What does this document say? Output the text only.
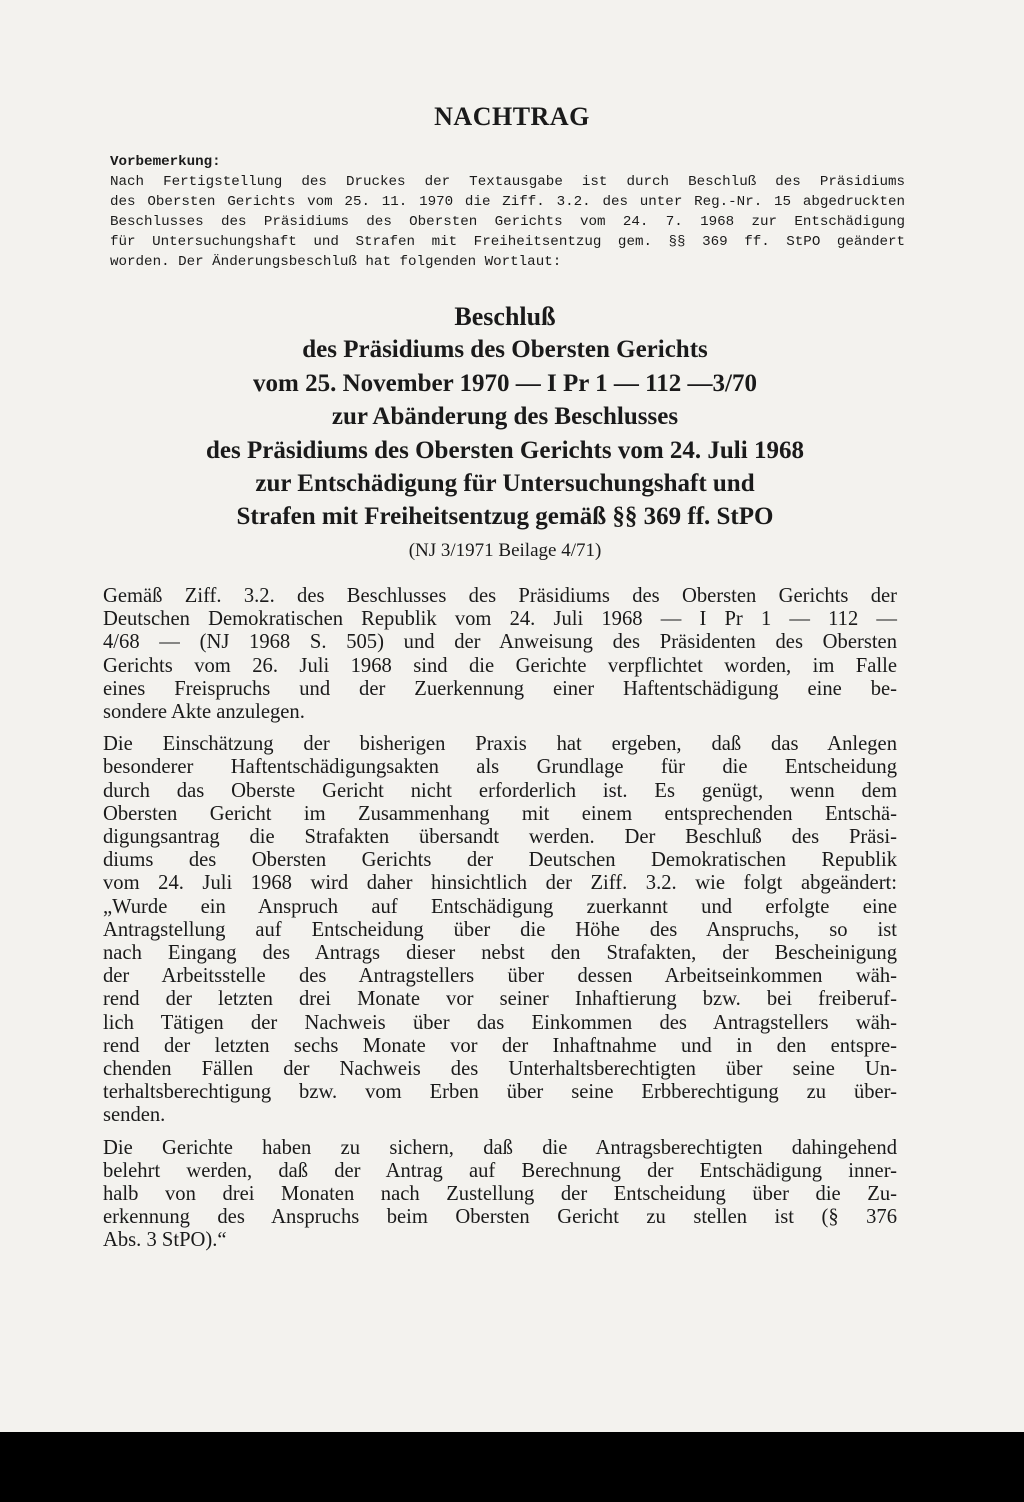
NACHTRAG
Vorbemerkung:
Nach Fertigstellung des Druckes der Textausgabe ist durch Beschluß des Präsidiums
des Obersten Gerichts vom 25. 11. 1970 die Ziff. 3.2. des unter Reg.-Nr. 15 abgedruckten
Beschlusses des Präsidiums des Obersten Gerichts vom 24. 7. 1968 zur Entschädigung
für Untersuchungshaft und Strafen mit Freiheitsentzug gem. §§ 369 ff. StPO geändert
worden. Der Änderungsbeschluß hat folgenden Wortlaut:
Beschluß
des Präsidiums des Obersten Gerichts
vom 25. November 1970 — I Pr 1 — 112 —3/70
zur Abänderung des Beschlusses
des Präsidiums des Obersten Gerichts vom 24. Juli 1968
zur Entschädigung für Untersuchungshaft und
Strafen mit Freiheitsentzug gemäß §§ 369 ff. StPO
(NJ 3/1971 Beilage 4/71)
Gemäß Ziff. 3.2. des Beschlusses des Präsidiums des Obersten Gerichts der
Deutschen Demokratischen Republik vom 24. Juli 1968 — I Pr 1 — 112 —
4/68 — (NJ 1968 S. 505) und der Anweisung des Präsidenten des Obersten
Gerichts vom 26. Juli 1968 sind die Gerichte verpflichtet worden, im Falle
eines Freispruchs und der Zuerkennung einer Haftentschädigung eine be-
sondere Akte anzulegen.
Die Einschätzung der bisherigen Praxis hat ergeben, daß das Anlegen
besonderer Haftentschädigungsakten als Grundlage für die Entscheidung
durch das Oberste Gericht nicht erforderlich ist. Es genügt, wenn dem
Obersten Gericht im Zusammenhang mit einem entsprechenden Entschä-
digungsantrag die Strafakten übersandt werden. Der Beschluß des Präsi-
diums des Obersten Gerichts der Deutschen Demokratischen Republik
vom 24. Juli 1968 wird daher hinsichtlich der Ziff. 3.2. wie folgt abgeändert:
„Wurde ein Anspruch auf Entschädigung zuerkannt und erfolgte eine
Antragstellung auf Entscheidung über die Höhe des Anspruchs, so ist
nach Eingang des Antrags dieser nebst den Strafakten, der Bescheinigung
der Arbeitsstelle des Antragstellers über dessen Arbeitseinkommen wäh-
rend der letzten drei Monate vor seiner Inhaftierung bzw. bei freiberuf-
lich Tätigen der Nachweis über das Einkommen des Antragstellers wäh-
rend der letzten sechs Monate vor der Inhaftnahme und in den entspre-
chenden Fällen der Nachweis des Unterhaltsberechtigten über seine Un-
terhaltsberechtigung bzw. vom Erben über seine Erbberechtigung zu über-
senden.
Die Gerichte haben zu sichern, daß die Antragsberechtigten dahingehend
belehrt werden, daß der Antrag auf Berechnung der Entschädigung inner-
halb von drei Monaten nach Zustellung der Entscheidung über die Zu-
erkennung des Anspruchs beim Obersten Gericht zu stellen ist (§ 376
Abs. 3 StPO).“
